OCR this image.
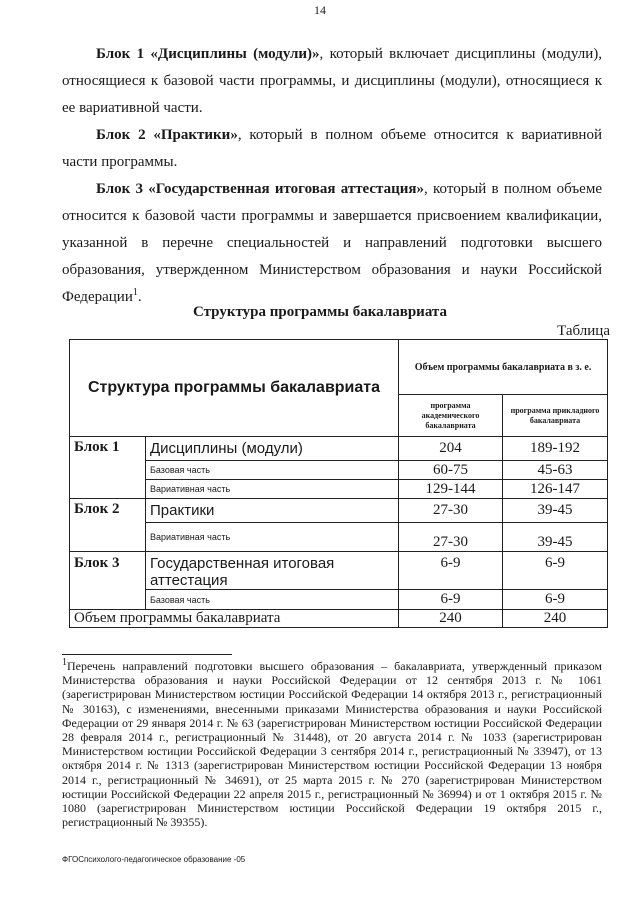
14

Блок 1 «Дисциплины (модули)», который включает дисциплины (модули), относящиеся к базовой части программы, и дисциплины (модули), относящиеся к ее вариативной части.

Блок 2 «Практики», который в полном объеме относится к вариативной части программы.

Блок 3 «Государственная итоговая аттестация», который в полном объеме относится к базовой части программы и завершается присвоением квалификации, указанной в перечне специальностей и направлений подготовки высшего образования, утвержденном Министерством образования и науки Российской Федерации$^1$.

Структура программы бакалавриата
Таблица
Структура программы бакалавриата		Объем программы бакалавриата в з. е.	
		программа академического бакалавриата	программа прикладного бакалавриата
Блок 1	Дисциплины (модули)	204	189-192
	Базовая часть	60-75	45-63
	Вариативная часть	129-144	126-147
Блок 2	Практики	27-30	39-45
	Вариативная часть	27-30	39-45
Блок 3	Государственная итоговая аттестация	6-9	6-9
	Базовая часть	6-9	6-9
Объем программы бакалавриата		240	240

$^1$Перечень направлений подготовки высшего образования – бакалавриата, утвержденный приказом Министерства образования и науки Российской Федерации от 12 сентября 2013 г. № 1061 (зарегистрирован Министерством юстиции Российской Федерации 14 октября 2013 г., регистрационный № 30163), с изменениями, внесенными приказами Министерства образования и науки Российской Федерации от 29 января 2014 г. № 63 (зарегистрирован Министерством юстиции Российской Федерации 28 февраля 2014 г., регистрационный № 31448), от 20 августа 2014 г. № 1033 (зарегистрирован Министерством юстиции Российской Федерации 3 сентября 2014 г., регистрационный № 33947), от 13 октября 2014 г. № 1313 (зарегистрирован Министерством юстиции Российской Федерации 13 ноября 2014 г., регистрационный № 34691), от 25 марта 2015 г. № 270 (зарегистрирован Министерством юстиции Российской Федерации 22 апреля 2015 г., регистрационный № 36994) и от 1 октября 2015 г. № 1080 (зарегистрирован Министерством юстиции Российской Федерации 19 октября 2015 г., регистрационный № 39355).

ФГОСпсихолого-педагогическое образование -05
